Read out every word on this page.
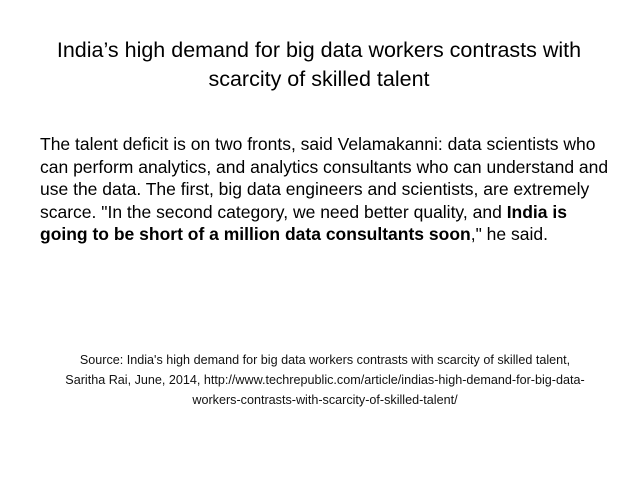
India’s high demand for big data workers contrasts with scarcity of skilled talent

The talent deficit is on two fronts, said Velamakanni: data scientists who can perform analytics, and analytics consultants who can understand and use the data. The first, big data engineers and scientists, are extremely scarce. "In the second category, we need better quality, and India is going to be short of a million data consultants soon," he said.

Source: India's high demand for big data workers contrasts with scarcity of skilled talent, Saritha Rai, June, 2014, http://www.techrepublic.com/article/indias-high-demand-for-big-data-workers-contrasts-with-scarcity-of-skilled-talent/
